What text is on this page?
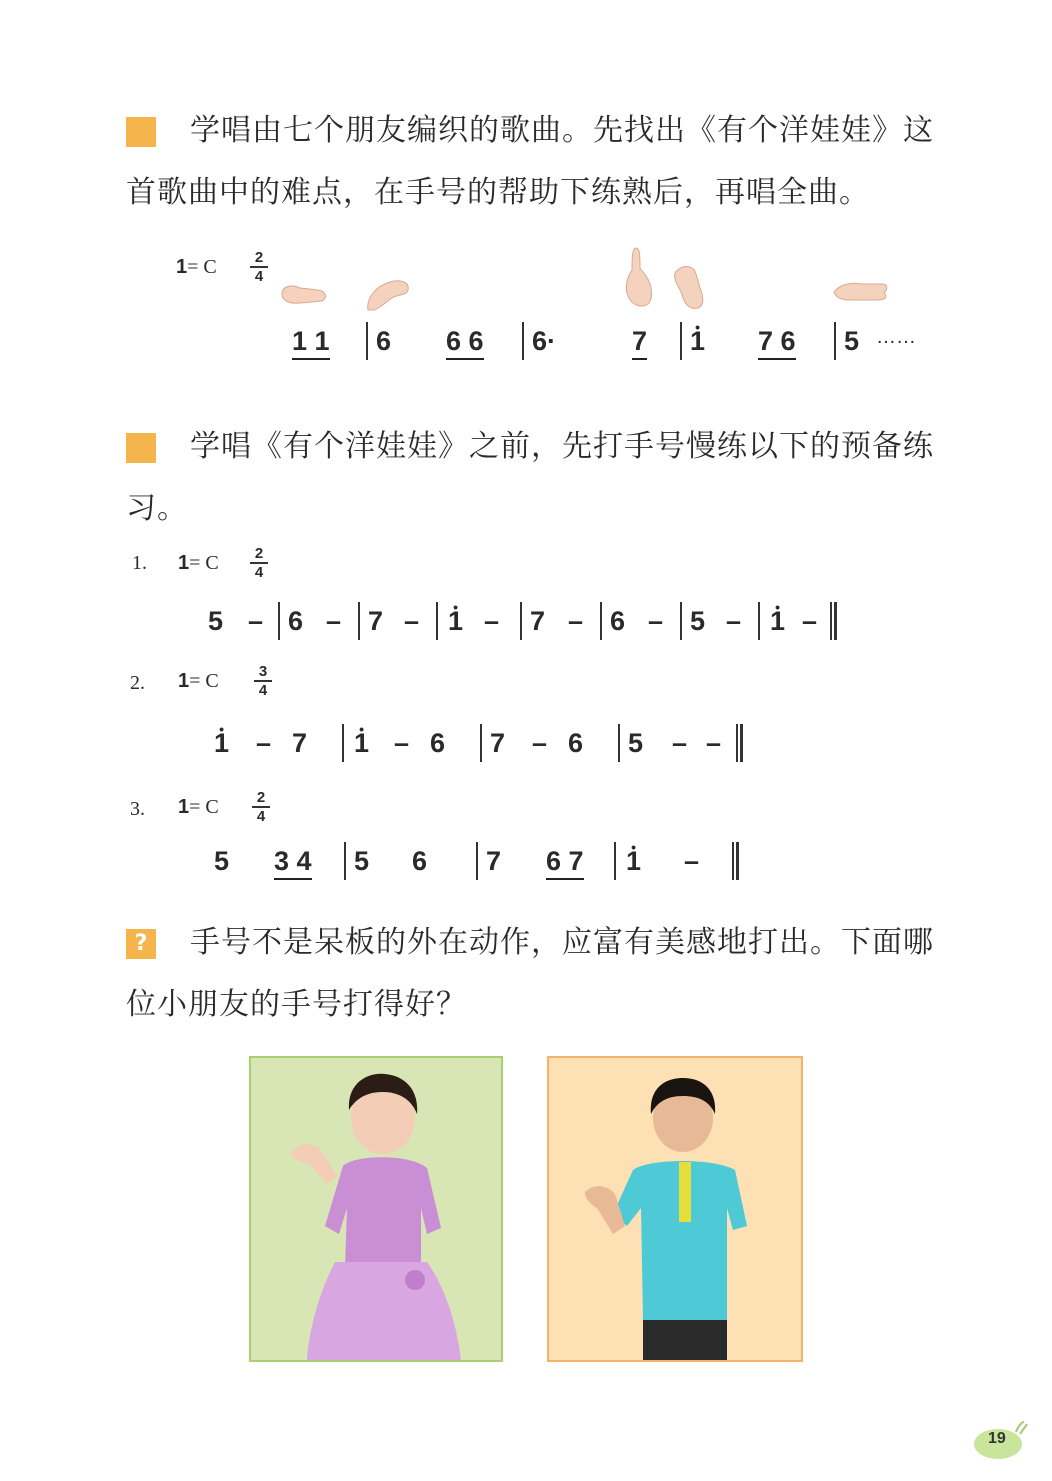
学唱由七个朋友编织的歌曲。先找出《有个洋娃娃》这首歌曲中的难点，在手号的帮助下练熟后，再唱全曲。
1= C	2
4
1 1 6 6 6 6·	7 • 1 7 6 5 ……
学唱《有个洋娃娃》之前，先打手号慢练以下的预备练习。
1. 1= C	2
4
5 – 6 – 7 – • 1 – 7 – 6 – 5 – • 1 –
2. 1= C	3
4
• 1 – 7 • 1 – 6 7 – 6 5 – –
3. 1= C	2
4
5 3 4 5 6 7 6 7 • 1 –
?	手号不是呆板的外在动作，应富有美感地打出。下面哪位小朋友的手号打得好？
19
